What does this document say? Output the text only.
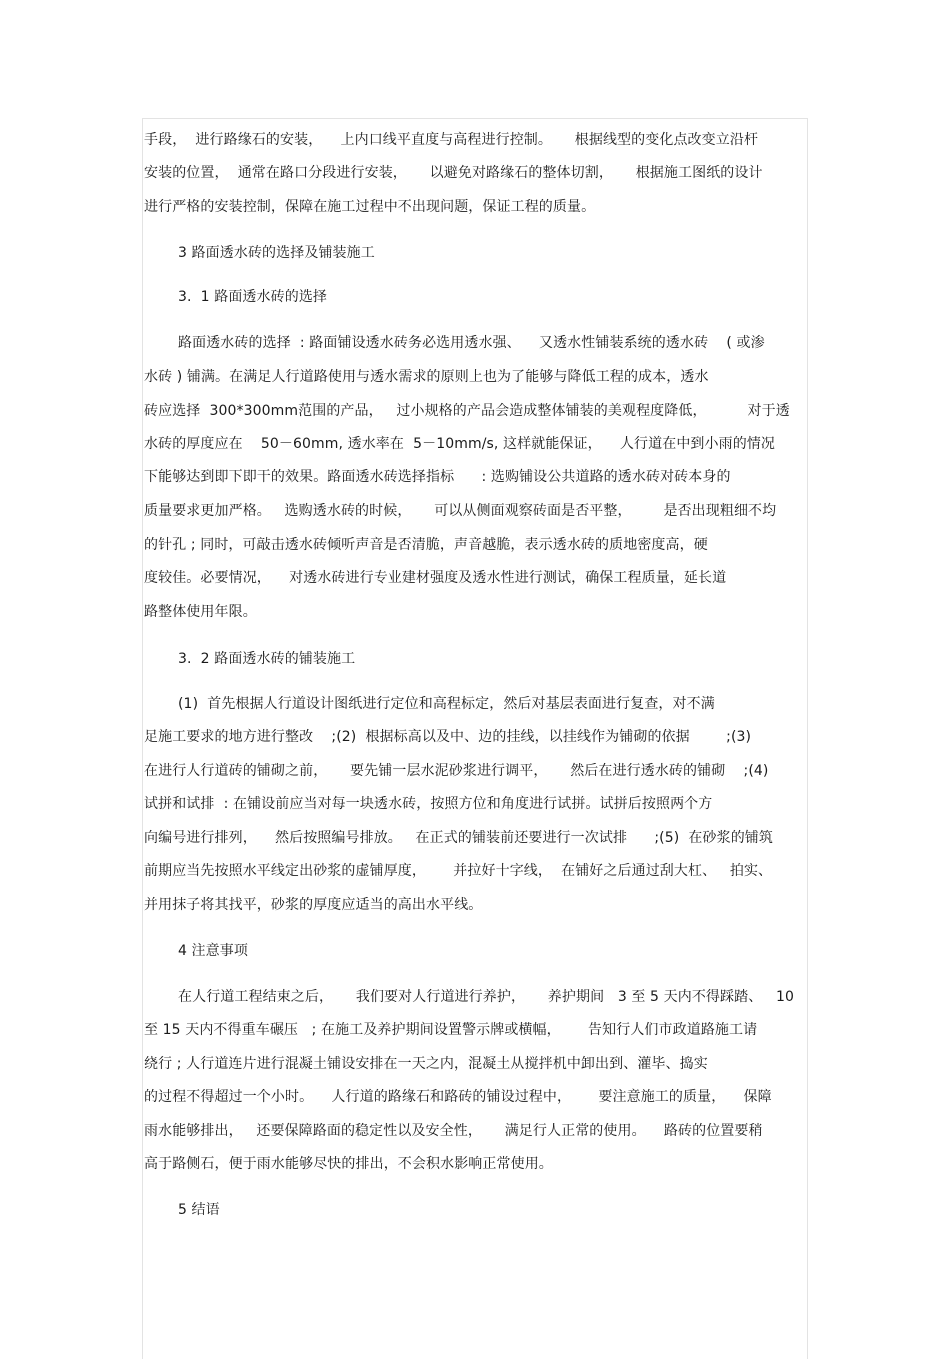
手段，  进行路缘石的安装，    上内口线平直度与高程进行控制。     根据线型的变化点改变立沿杆
安装的位置，  通常在路口分段进行安装，     以避免对路缘石的整体切割，     根据施工图纸的设计
进行严格的安装控制，保障在施工过程中不出现问题，保证工程的质量。
3 路面透水砖的选择及铺装施工
3.  1 路面透水砖的选择
路面透水砖的选择  : 路面铺设透水砖务必选用透水强、    又透水性铺装系统的透水砖    ( 或渗
水砖 ) 铺满。在满足人行道路使用与透水需求的原则上也为了能够与降低工程的成本，透水
砖应选择  300*300mm范围的产品，   过小规格的产品会造成整体铺装的美观程度降低，         对于透
水砖的厚度应在    50－60mm, 透水率在  5－10mm/s, 这样就能保证，    人行道在中到小雨的情况
下能够达到即下即干的效果。路面透水砖选择指标      : 选购铺设公共道路的透水砖对砖本身的
质量要求更加严格。   选购透水砖的时候，     可以从侧面观察砖面是否平整，       是否出现粗细不均
的针孔 ; 同时，可敲击透水砖倾听声音是否清脆，声音越脆，表示透水砖的质地密度高，硬
度较佳。必要情况，    对透水砖进行专业建材强度及透水性进行测试，确保工程质量，延长道
路整体使用年限。
3.  2 路面透水砖的铺装施工
(1)  首先根据人行道设计图纸进行定位和高程标定，然后对基层表面进行复查，对不满
足施工要求的地方进行整改    ;(2)  根据标高以及中、边的挂线，以挂线作为铺砌的依据        ;(3)
在进行人行道砖的铺砌之前，     要先铺一层水泥砂浆进行调平，     然后在进行透水砖的铺砌    ;(4)
试拼和试排  : 在铺设前应当对每一块透水砖，按照方位和角度进行试拼。试拼后按照两个方
向编号进行排列，    然后按照编号排放。   在正式的铺装前还要进行一次试排      ;(5)  在砂浆的铺筑
前期应当先按照水平线定出砂浆的虚铺厚度，      并拉好十字线，  在铺好之后通过刮大杠、   拍实、
并用抹子将其找平，砂浆的厚度应适当的高出水平线。
4 注意事项
在人行道工程结束之后，     我们要对人行道进行养护，     养护期间   3 至 5 天内不得踩踏、   10
至 15 天内不得重车碾压   ; 在施工及养护期间设置警示牌或横幅，      告知行人们市政道路施工请
绕行 ; 人行道连片进行混凝土铺设安排在一天之内，混凝土从搅拌机中卸出到、灌毕、捣实
的过程不得超过一个小时。    人行道的路缘石和路砖的铺设过程中，      要注意施工的质量，    保障
雨水能够排出，   还要保障路面的稳定性以及安全性，     满足行人正常的使用。    路砖的位置要稍
高于路侧石，便于雨水能够尽快的排出，不会积水影响正常使用。
5 结语
